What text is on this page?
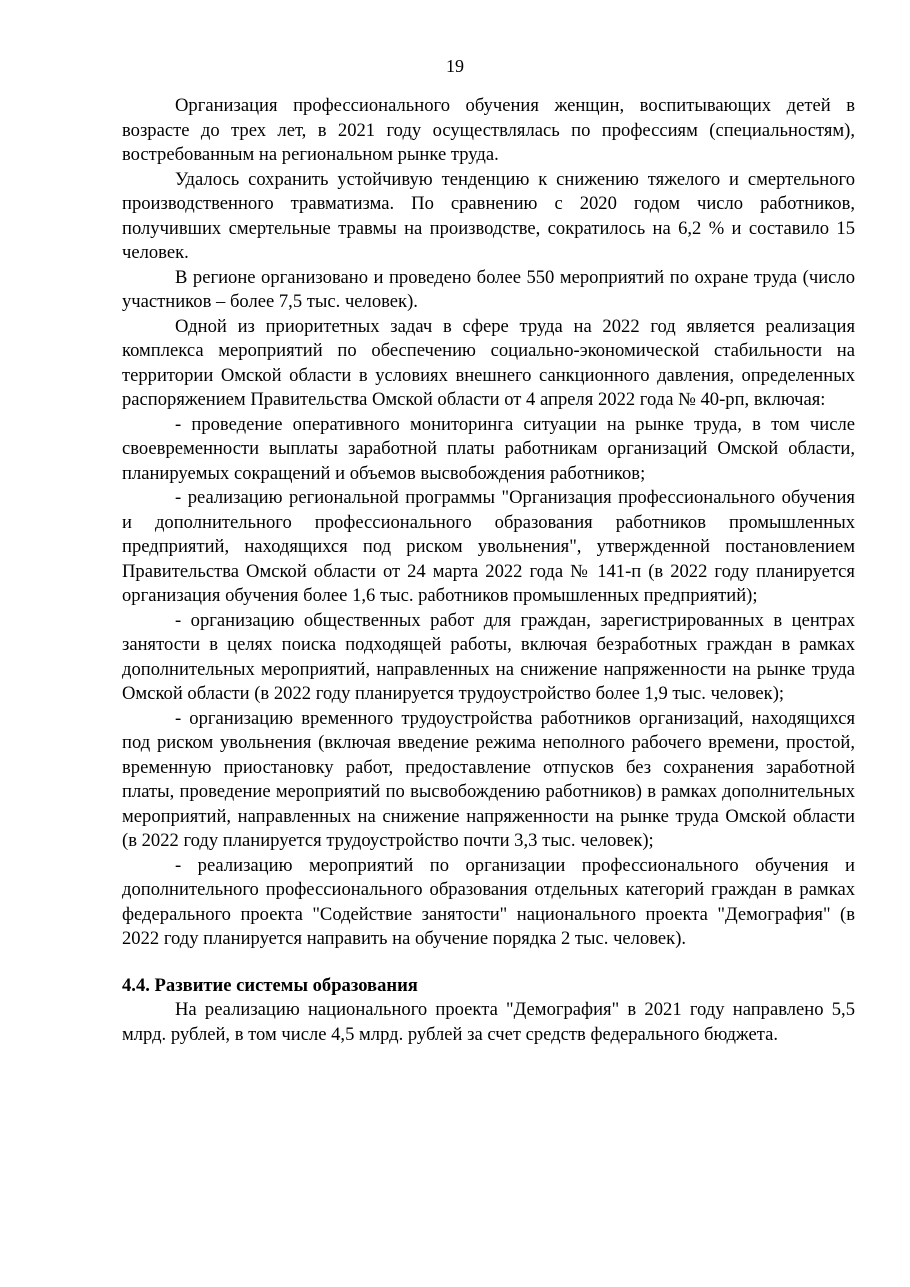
19

Организация профессионального обучения женщин, воспитывающих детей в возрасте до трех лет, в 2021 году осуществлялась по профессиям (специальностям), востребованным на региональном рынке труда.

Удалось сохранить устойчивую тенденцию к снижению тяжелого и смертельного производственного травматизма. По сравнению с 2020 годом число работников, получивших смертельные травмы на производстве, сократилось на 6,2 % и составило 15 человек.

В регионе организовано и проведено более 550 мероприятий по охране труда (число участников – более 7,5 тыс. человек).

Одной из приоритетных задач в сфере труда на 2022 год является реализация комплекса мероприятий по обеспечению социально-экономической стабильности на территории Омской области в условиях внешнего санкционного давления, определенных распоряжением Правительства Омской области от 4 апреля 2022 года № 40-рп, включая:

- проведение оперативного мониторинга ситуации на рынке труда, в том числе своевременности выплаты заработной платы работникам организаций Омской области, планируемых сокращений и объемов высвобождения работников;

- реализацию региональной программы "Организация профессионального обучения и дополнительного профессионального образования работников промышленных предприятий, находящихся под риском увольнения", утвержденной постановлением Правительства Омской области от 24 марта 2022 года № 141-п (в 2022 году планируется организация обучения более 1,6 тыс. работников промышленных предприятий);

- организацию общественных работ для граждан, зарегистрированных в центрах занятости в целях поиска подходящей работы, включая безработных граждан в рамках дополнительных мероприятий, направленных на снижение напряженности на рынке труда Омской области (в 2022 году планируется трудоустройство более 1,9 тыс. человек);

- организацию временного трудоустройства работников организаций, находящихся под риском увольнения (включая введение режима неполного рабочего времени, простой, временную приостановку работ, предоставление отпусков без сохранения заработной платы, проведение мероприятий по высвобождению работников) в рамках дополнительных мероприятий, направленных на снижение напряженности на рынке труда Омской области (в 2022 году планируется трудоустройство почти 3,3 тыс. человек);

- реализацию мероприятий по организации профессионального обучения и дополнительного профессионального образования отдельных категорий граждан в рамках федерального проекта "Содействие занятости" национального проекта "Демография" (в 2022 году планируется направить на обучение порядка 2 тыс. человек).

4.4. Развитие системы образования

На реализацию национального проекта "Демография" в 2021 году направлено 5,5 млрд. рублей, в том числе 4,5 млрд. рублей за счет средств федерального бюджета.
